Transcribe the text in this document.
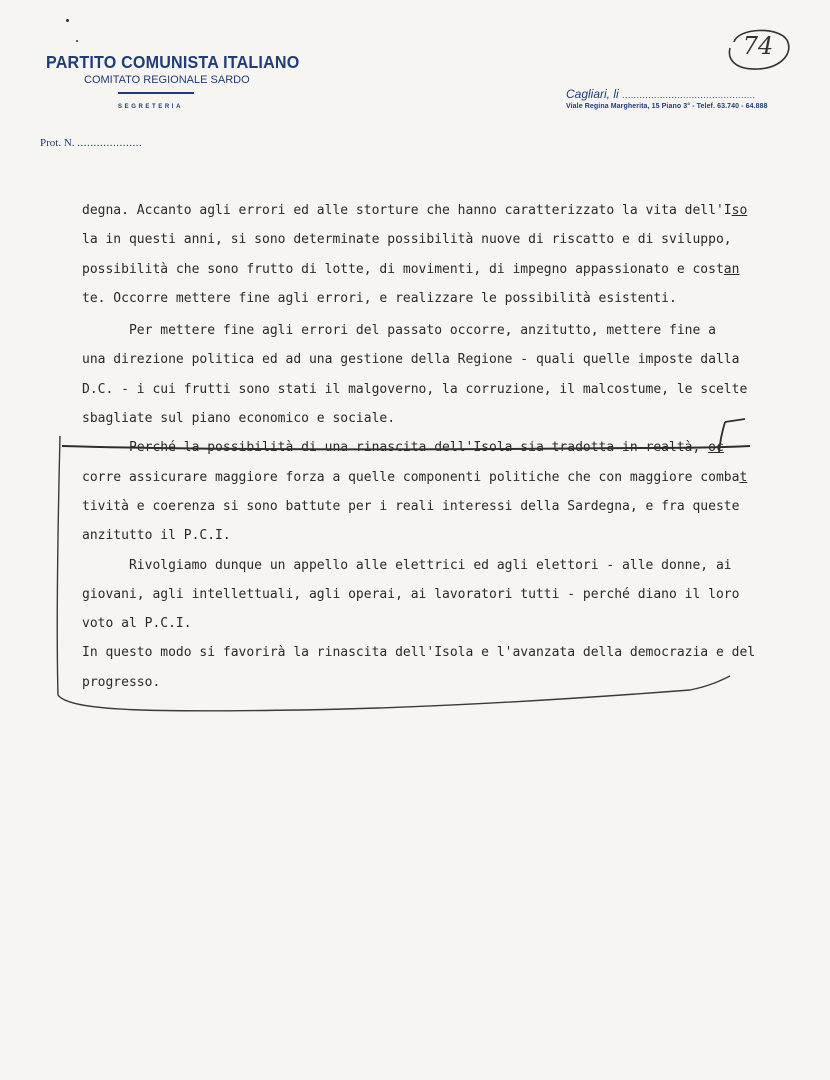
PARTITO COMUNISTA ITALIANO

COMITATO REGIONALE SARDO

SEGRETERIA

Prot. N. ....................
Cagliari, li ..............................................
Viale Regina Margherita, 15 Piano 3° - Telef. 63.740 - 64.888
74
degna. Accanto agli errori ed alle storture che hanno caratterizzato la vita dell'Iso
la in questi anni, si sono determinate possibilità nuove di riscatto e di sviluppo,
possibilità che sono frutto di lotte, di movimenti, di impegno appassionato e costan
te. Occorre mettere fine agli errori, e realizzare le possibilità esistenti.
Per mettere fine agli errori del passato occorre, anzitutto, mettere fine a
una direzione politica ed ad una gestione della Regione - quali quelle imposte dalla
D.C. - i cui frutti sono stati il malgoverno, la corruzione, il malcostume, le scelte
sbagliate sul piano economico e sociale.
Perché la possibilità di una rinascita dell'Isola sia tradotta in realtà, oc
corre assicurare maggiore forza a quelle componenti politiche che con maggiore combat
tività e coerenza si sono battute per i reali interessi della Sardegna, e fra queste
anzitutto il P.C.I.
Rivolgiamo dunque un appello alle elettrici ed agli elettori - alle donne, ai
giovani, agli intellettuali, agli operai, ai lavoratori tutti - perché diano il loro
voto al P.C.I.
In questo modo si favorirà la rinascita dell'Isola e l'avanzata della democrazia e del
progresso.
